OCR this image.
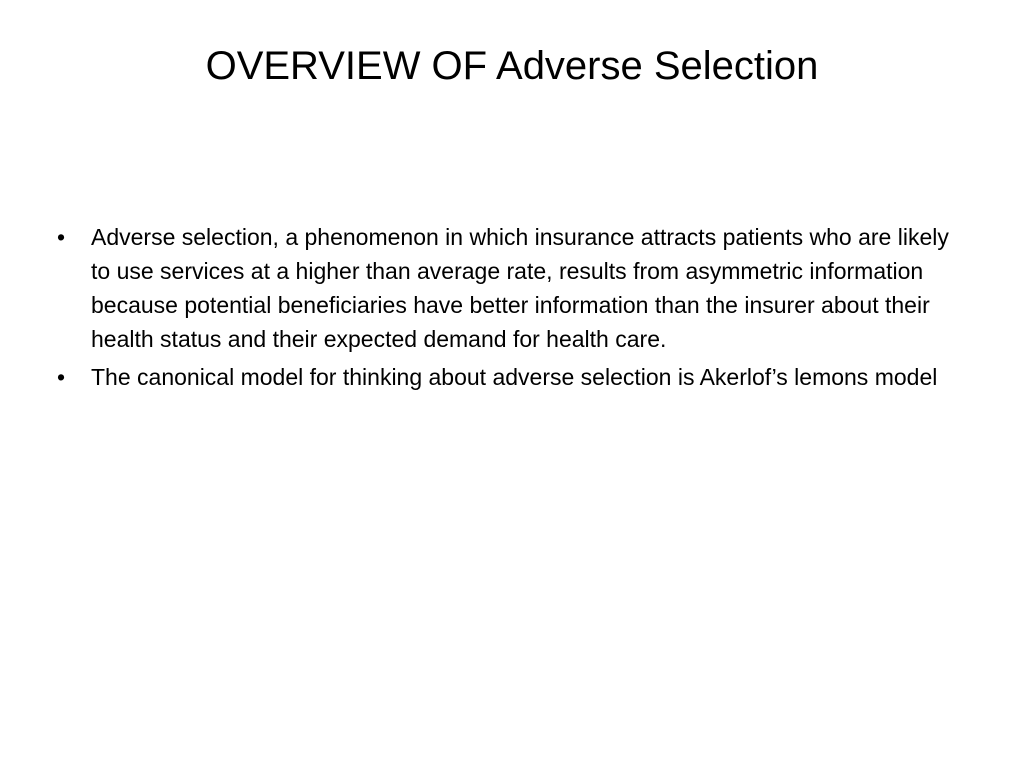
OVERVIEW OF Adverse Selection
• Adverse selection, a phenomenon in which insurance attracts patients who are likely to use services at a higher than average rate, results from asymmetric information because potential beneficiaries have better information than the insurer about their health status and their expected demand for health care.
• The canonical model for thinking about adverse selection is Akerlof’s lemons model
